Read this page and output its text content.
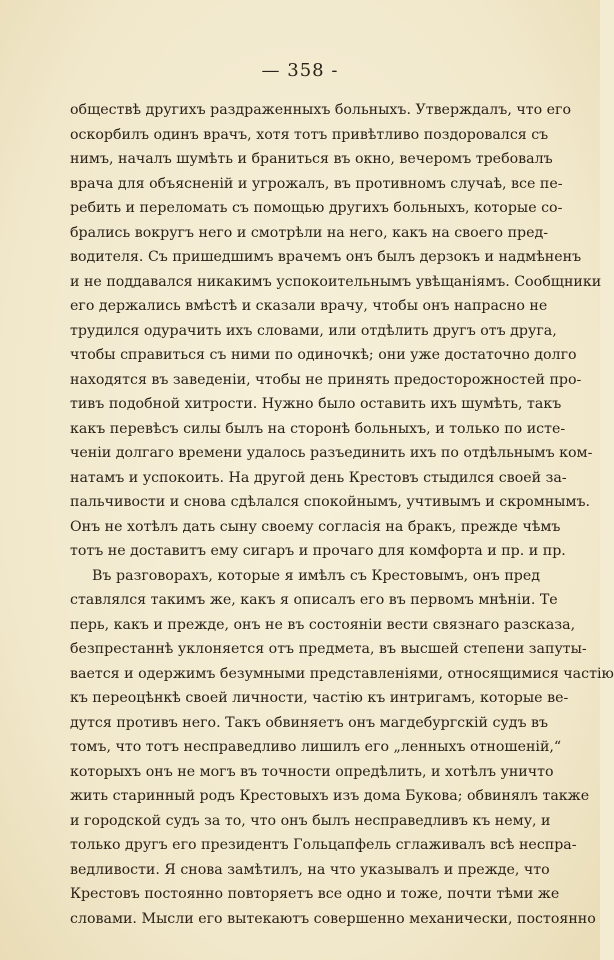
— 358 -
обществѣ другихъ раздраженныхъ больныхъ. Утверждалъ, что его
оскорбилъ одинъ врачъ, хотя тотъ привѣтливо поздоровался съ
нимъ, началъ шумѣть и браниться въ окно, вечеромъ требовалъ
врача для объясненій и угрожалъ, въ противномъ случаѣ, все пе-
ребить и переломать съ помощью другихъ больныхъ, которые со-
брались вокругъ него и смотрѣли на него, какъ на своего пред-
водителя. Съ пришедшимъ врачемъ онъ былъ дерзокъ и надмѣненъ
и не поддавался никакимъ успокоительнымъ увѣщаніямъ. Сообщники
его держались вмѣстѣ и сказали врачу, чтобы онъ напрасно не
трудился одурачить ихъ словами, или отдѣлить другъ отъ друга,
чтобы справиться съ ними по одиночкѣ; они уже достаточно долго
находятся въ заведеніи, чтобы не принять предосторожностей про-
тивъ подобной хитрости. Нужно было оставить ихъ шумѣть, такъ
какъ перевѣсъ силы былъ на сторонѣ больныхъ, и только по исте-
ченіи долгаго времени удалось разъединить ихъ по отдѣльнымъ ком-
натамъ и успокоить. На другой день Крестовъ стыдился своей за-
пальчивости и снова сдѣлался спокойнымъ, учтивымъ и скромнымъ.
Онъ не хотѣлъ дать сыну своему согласія на бракъ, прежде чѣмъ
тотъ не доставитъ ему сигаръ и прочаго для комфорта и пр. и пр.
Въ разговорахъ, которые я имѣлъ съ Крестовымъ, онъ пред
ставлялся такимъ же, какъ я описалъ его въ первомъ мнѣніи. Те
перь, какъ и прежде, онъ не въ состояніи вести связнаго разсказа,
безпрестаннѣ уклоняется отъ предмета, въ высшей степени запуты-
вается и одержимъ безумными представленіями, относящимися частію
къ переоцѣнкѣ своей личности, частію къ интригамъ, которые ве-
дутся противъ него. Такъ обвиняетъ онъ магдебургскій судъ въ
томъ, что тотъ несправедливо лишилъ его „ленныхъ отношеній,“
которыхъ онъ не могъ въ точности опредѣлить, и хотѣлъ уничто
жить старинный родъ Крестовыхъ изъ дома Букова; обвинялъ также
и городской судъ за то, что онъ былъ несправедливъ къ нему, и
только другъ его президентъ Гольцапфель сглаживалъ всѣ неспра-
ведливости. Я снова замѣтилъ, на что указывалъ и прежде, что
Крестовъ постоянно повторяетъ все одно и тоже, почти тѣми же
словами. Мысли его вытекаютъ совершенно механически, постоянно
